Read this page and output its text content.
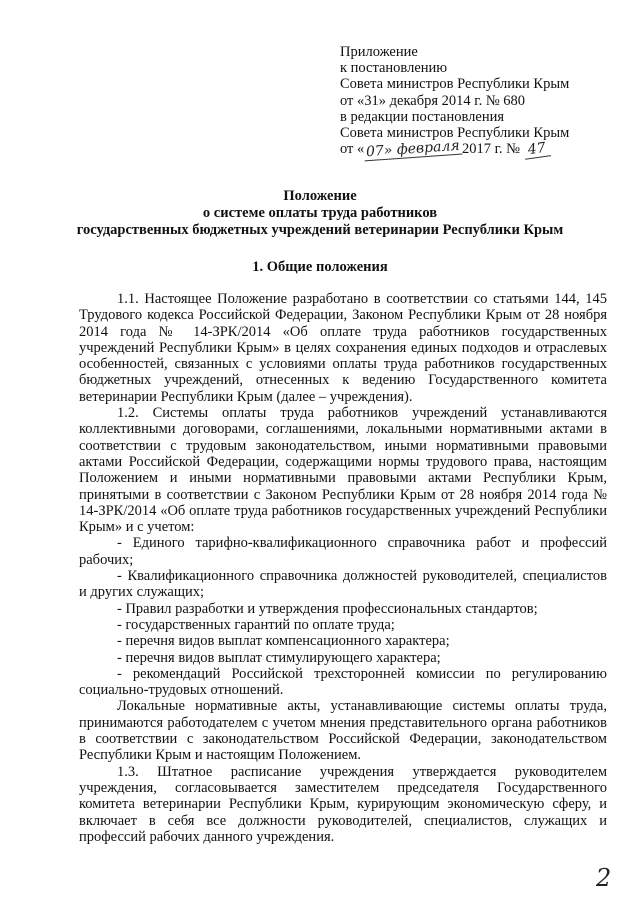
Приложение
к постановлению
Совета министров Республики Крым
от «31» декабря 2014 г. № 680
в редакции постановления
Совета министров Республики Крым
от « 07» февраля 2017 г. № 47
Положение
о системе оплаты труда работников
государственных бюджетных учреждений ветеринарии Республики Крым
1. Общие положения

1.1. Настоящее Положение разработано в соответствии со статьями 144, 145 Трудового кодекса Российской Федерации, Законом Республики Крым от 28 ноября 2014 года № 14-ЗРК/2014 «Об оплате труда работников государственных учреждений Республики Крым» в целях сохранения единых подходов и отраслевых особенностей, связанных с условиями оплаты труда работников государственных бюджетных учреждений, отнесенных к ведению Государственного комитета ветеринарии Республики Крым (далее – учреждения).

1.2. Системы оплаты труда работников учреждений устанавливаются коллективными договорами, соглашениями, локальными нормативными актами в соответствии с трудовым законодательством, иными нормативными правовыми актами Российской Федерации, содержащими нормы трудового права, настоящим Положением и иными нормативными правовыми актами Республики Крым, принятыми в соответствии с Законом Республики Крым от 28 ноября 2014 года № 14-ЗРК/2014 «Об оплате труда работников государственных учреждений Республики Крым» и с учетом:

- Единого тарифно-квалификационного справочника работ и профессий рабочих;

- Квалификационного справочника должностей руководителей, специалистов и других служащих;

- Правил разработки и утверждения профессиональных стандартов;

- государственных гарантий по оплате труда;

- перечня видов выплат компенсационного характера;

- перечня видов выплат стимулирующего характера;

- рекомендаций Российской трехсторонней комиссии по регулированию социально-трудовых отношений.

Локальные нормативные акты, устанавливающие системы оплаты труда, принимаются работодателем с учетом мнения представительного органа работников в соответствии с законодательством Российской Федерации, законодательством Республики Крым и настоящим Положением.

1.3. Штатное расписание учреждения утверждается руководителем учреждения, согласовывается заместителем председателя Государственного комитета ветеринарии Республики Крым, курирующим экономическую сферу, и включает в себя все должности руководителей, специалистов, служащих и профессий рабочих данного учреждения.

2
